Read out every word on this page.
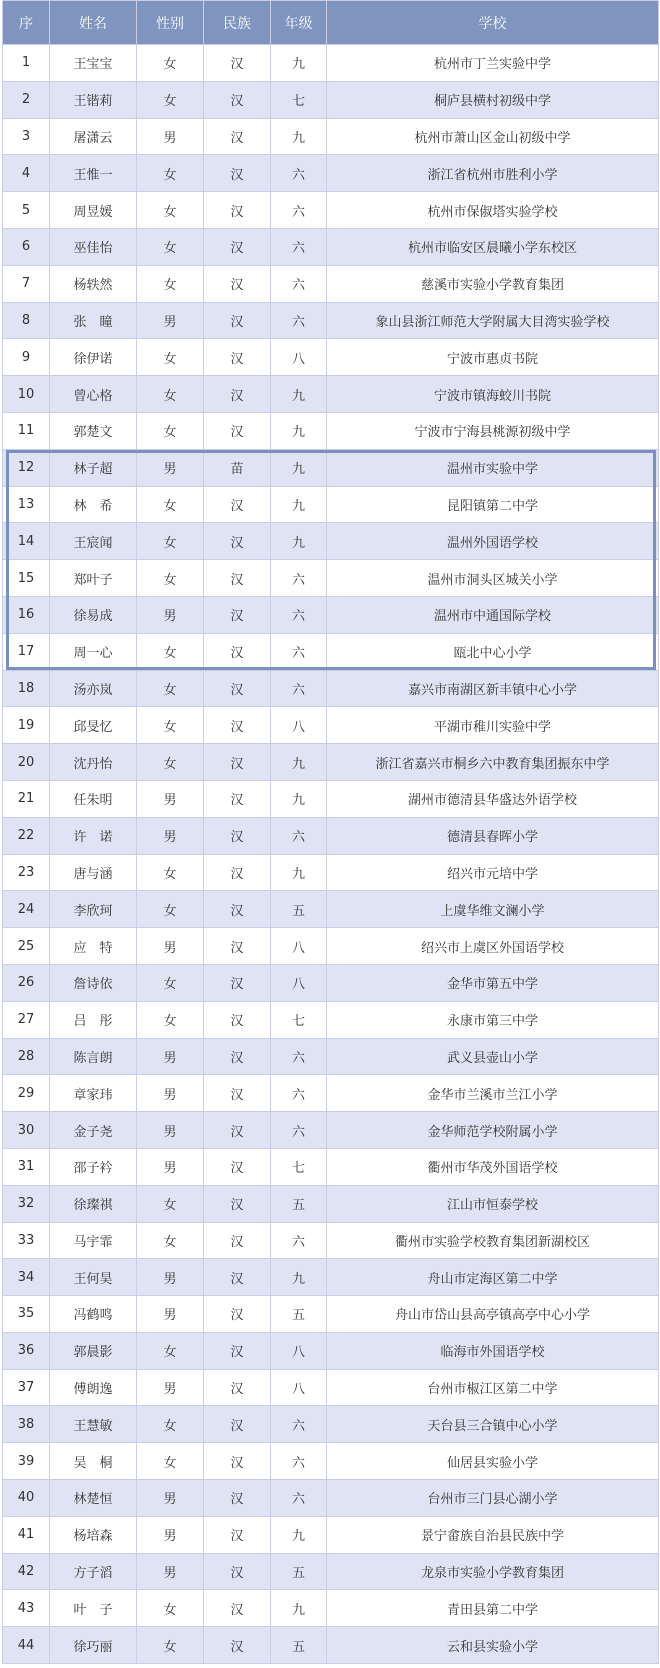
序	姓名	性别	民族	年级	学校
1	王宝宝	女	汉	九	杭州市丁兰实验中学
2	王锴莉	女	汉	七	桐庐县横村初级中学
3	屠潇云	男	汉	九	杭州市萧山区金山初级中学
4	王惟一	女	汉	六	浙江省杭州市胜利小学
5	周昱媛	女	汉	六	杭州市保俶塔实验学校
6	巫佳怡	女	汉	六	杭州市临安区晨曦小学东校区
7	杨轶然	女	汉	六	慈溪市实验小学教育集团
8	张　瞳	男	汉	六	象山县浙江师范大学附属大目湾实验学校
9	徐伊诺	女	汉	八	宁波市惠贞书院
10	曾心格	女	汉	九	宁波市镇海蛟川书院
11	郭楚文	女	汉	九	宁波市宁海县桃源初级中学
12	林子超	男	苗	九	温州市实验中学
13	林　希	女	汉	九	昆阳镇第二中学
14	王宸闻	女	汉	九	温州外国语学校
15	郑叶子	女	汉	六	温州市洞头区城关小学
16	徐易成	男	汉	六	温州市中通国际学校
17	周一心	女	汉	六	瓯北中心小学
18	汤亦岚	女	汉	六	嘉兴市南湖区新丰镇中心小学
19	邱旻忆	女	汉	八	平湖市稚川实验中学
20	沈丹怡	女	汉	九	浙江省嘉兴市桐乡六中教育集团振东中学
21	任朱明	男	汉	九	湖州市德清县华盛达外语学校
22	许　诺	男	汉	六	德清县春晖小学
23	唐与涵	女	汉	九	绍兴市元培中学
24	李欣珂	女	汉	五	上虞华维文澜小学
25	应　特	男	汉	八	绍兴市上虞区外国语学校
26	詹诗依	女	汉	八	金华市第五中学
27	吕　彤	女	汉	七	永康市第三中学
28	陈言朗	男	汉	六	武义县壶山小学
29	章家玮	男	汉	六	金华市兰溪市兰江小学
30	金子尧	男	汉	六	金华师范学校附属小学
31	邵子衿	男	汉	七	衢州市华茂外国语学校
32	徐璨祺	女	汉	五	江山市恒泰学校
33	马宇霏	女	汉	六	衢州市实验学校教育集团新湖校区
34	王何昊	男	汉	九	舟山市定海区第二中学
35	冯鹤鸣	男	汉	五	舟山市岱山县高亭镇高亭中心小学
36	郭晨影	女	汉	八	临海市外国语学校
37	傅朗逸	男	汉	八	台州市椒江区第二中学
38	王慧敏	女	汉	六	天台县三合镇中心小学
39	吴　桐	女	汉	六	仙居县实验小学
40	林楚恒	男	汉	六	台州市三门县心湖小学
41	杨培森	男	汉	九	景宁畲族自治县民族中学
42	方子滔	男	汉	五	龙泉市实验小学教育集团
43	叶　子	女	汉	九	青田县第二中学
44	徐巧丽	女	汉	五	云和县实验小学
